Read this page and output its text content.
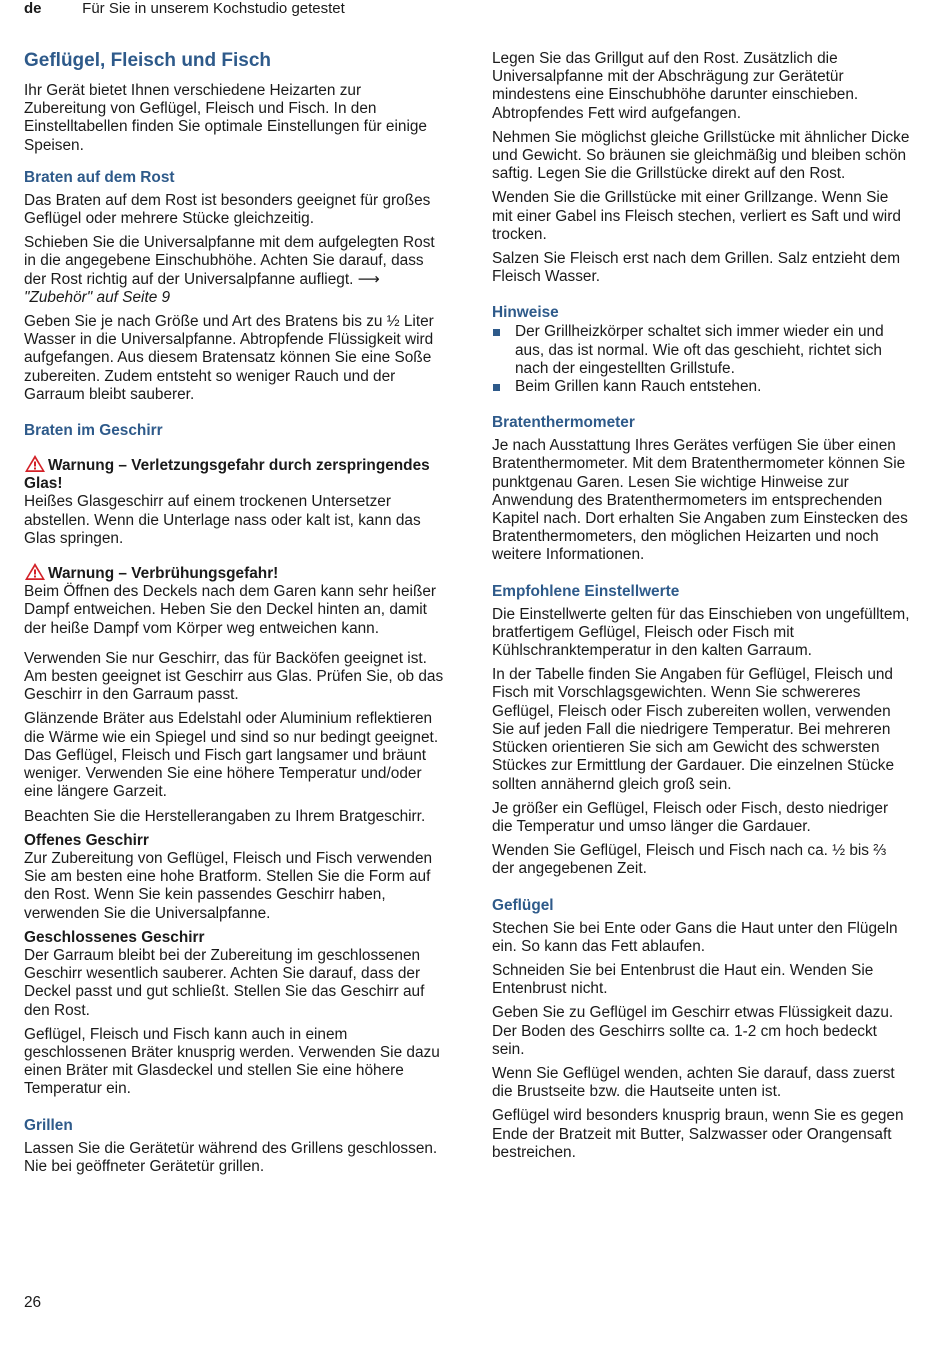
de	Für Sie in unserem Kochstudio getestet
Geflügel, Fleisch und Fisch

Ihr Gerät bietet Ihnen verschiedene Heizarten zur Zubereitung von Geflügel, Fleisch und Fisch. In den Einstelltabellen finden Sie optimale Einstellungen für einige Speisen.

Braten auf dem Rost

Das Braten auf dem Rost ist besonders geeignet für großes Geflügel oder mehrere Stücke gleichzeitig.

Schieben Sie die Universalpfanne mit dem aufgelegten Rost in die angegebene Einschubhöhe. Achten Sie darauf, dass der Rost richtig auf der Universalpfanne aufliegt. ⟶ "Zubehör" auf Seite 9

Geben Sie je nach Größe und Art des Bratens bis zu ½ Liter Wasser in die Universalpfanne. Abtropfende Flüssigkeit wird aufgefangen. Aus diesem Bratensatz können Sie eine Soße zubereiten. Zudem entsteht so weniger Rauch und der Garraum bleibt sauberer.

Braten im Geschirr
Warnung – Verletzungsgefahr durch zerspringendes Glas!
Heißes Glasgeschirr auf einem trockenen Untersetzer abstellen. Wenn die Unterlage nass oder kalt ist, kann das Glas springen.
Warnung – Verbrühungsgefahr!
Beim Öffnen des Deckels nach dem Garen kann sehr heißer Dampf entweichen. Heben Sie den Deckel hinten an, damit der heiße Dampf vom Körper weg entweichen kann.

Verwenden Sie nur Geschirr, das für Backöfen geeignet ist. Am besten geeignet ist Geschirr aus Glas. Prüfen Sie, ob das Geschirr in den Garraum passt.

Glänzende Bräter aus Edelstahl oder Aluminium reflektieren die Wärme wie ein Spiegel und sind so nur bedingt geeignet. Das Geflügel, Fleisch und Fisch gart langsamer und bräunt weniger. Verwenden Sie eine höhere Temperatur und/oder eine längere Garzeit.

Beachten Sie die Herstellerangaben zu Ihrem Bratgeschirr.

Offenes Geschirr

Zur Zubereitung von Geflügel, Fleisch und Fisch verwenden Sie am besten eine hohe Bratform. Stellen Sie die Form auf den Rost. Wenn Sie kein passendes Geschirr haben, verwenden Sie die Universalpfanne.

Geschlossenes Geschirr

Der Garraum bleibt bei der Zubereitung im geschlossenen Geschirr wesentlich sauberer. Achten Sie darauf, dass der Deckel passt und gut schließt. Stellen Sie das Geschirr auf den Rost.

Geflügel, Fleisch und Fisch kann auch in einem geschlossenen Bräter knusprig werden. Verwenden Sie dazu einen Bräter mit Glasdeckel und stellen Sie eine höhere Temperatur ein.

Grillen

Lassen Sie die Gerätetür während des Grillens geschlossen. Nie bei geöffneter Gerätetür grillen.

Legen Sie das Grillgut auf den Rost. Zusätzlich die Universalpfanne mit der Abschrägung zur Gerätetür mindestens eine Einschubhöhe darunter einschieben. Abtropfendes Fett wird aufgefangen.

Nehmen Sie möglichst gleiche Grillstücke mit ähnlicher Dicke und Gewicht. So bräunen sie gleichmäßig und bleiben schön saftig. Legen Sie die Grillstücke direkt auf den Rost.

Wenden Sie die Grillstücke mit einer Grillzange. Wenn Sie mit einer Gabel ins Fleisch stechen, verliert es Saft und wird trocken.

Salzen Sie Fleisch erst nach dem Grillen. Salz entzieht dem Fleisch Wasser.

Hinweise
Der Grillheizkörper schaltet sich immer wieder ein und aus, das ist normal. Wie oft das geschieht, richtet sich nach der eingestellten Grillstufe.
Beim Grillen kann Rauch entstehen.
Bratenthermometer

Je nach Ausstattung Ihres Gerätes verfügen Sie über einen Bratenthermometer. Mit dem Bratenthermometer können Sie punktgenau Garen. Lesen Sie wichtige Hinweise zur Anwendung des Bratenthermometers im entsprechenden Kapitel nach. Dort erhalten Sie Angaben zum Einstecken des Bratenthermometers, den möglichen Heizarten und noch weitere Informationen.

Empfohlene Einstellwerte

Die Einstellwerte gelten für das Einschieben von ungefülltem, bratfertigem Geflügel, Fleisch oder Fisch mit Kühlschranktemperatur in den kalten Garraum.

In der Tabelle finden Sie Angaben für Geflügel, Fleisch und Fisch mit Vorschlagsgewichten. Wenn Sie schwereres Geflügel, Fleisch oder Fisch zubereiten wollen, verwenden Sie auf jeden Fall die niedrigere Temperatur. Bei mehreren Stücken orientieren Sie sich am Gewicht des schwersten Stückes zur Ermittlung der Gardauer. Die einzelnen Stücke sollten annähernd gleich groß sein.

Je größer ein Geflügel, Fleisch oder Fisch, desto niedriger die Temperatur und umso länger die Gardauer.

Wenden Sie Geflügel, Fleisch und Fisch nach ca. ½ bis ⅔ der angegebenen Zeit.

Geflügel

Stechen Sie bei Ente oder Gans die Haut unter den Flügeln ein. So kann das Fett ablaufen.

Schneiden Sie bei Entenbrust die Haut ein. Wenden Sie Entenbrust nicht.

Geben Sie zu Geflügel im Geschirr etwas Flüssigkeit dazu. Der Boden des Geschirrs sollte ca. 1-2 cm hoch bedeckt sein.

Wenn Sie Geflügel wenden, achten Sie darauf, dass zuerst die Brustseite bzw. die Hautseite unten ist.

Geflügel wird besonders knusprig braun, wenn Sie es gegen Ende der Bratzeit mit Butter, Salzwasser oder Orangensaft bestreichen.

26
